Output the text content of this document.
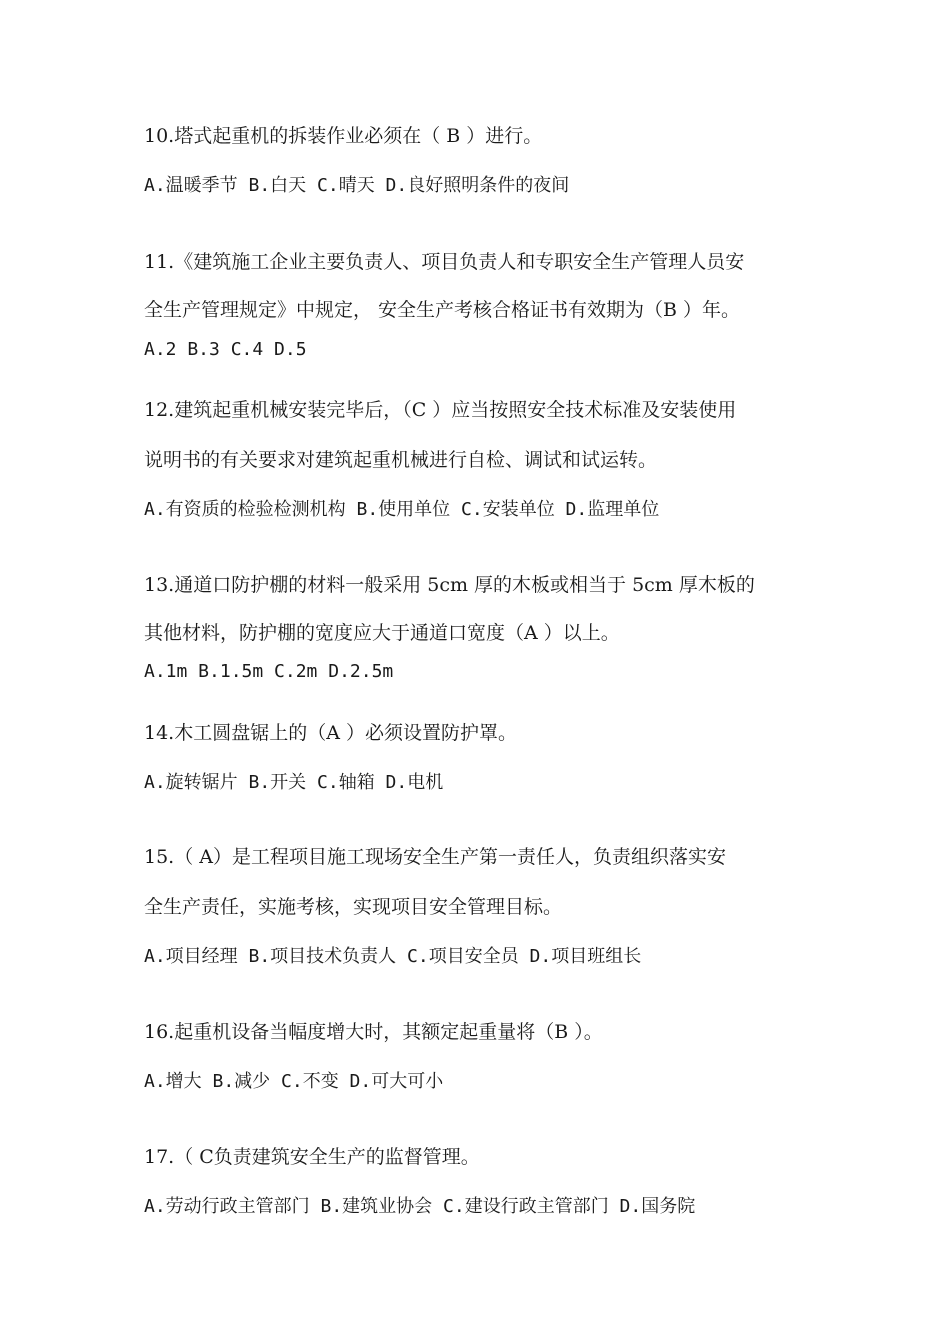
10.塔式起重机的拆装作业必须在（ B ）进行。

A.温暖季节 B.白天 C.晴天 D.良好照明条件的夜间

11.《建筑施工企业主要负责人、项目负责人和专职安全生产管理人员安

全生产管理规定》中规定， 安全生产考核合格证书有效期为（B ）年。

A.2 B.3 C.4 D.5

12.建筑起重机械安装完毕后，（C ）应当按照安全技术标准及安装使用

说明书的有关要求对建筑起重机械进行自检、调试和试运转。

A.有资质的检验检测机构 B.使用单位 C.安装单位 D.监理单位

13.通道口防护棚的材料一般采用 5cm 厚的木板或相当于 5cm 厚木板的

其他材料，防护棚的宽度应大于通道口宽度（A ）以上。

A.1m B.1.5m C.2m D.2.5m

14.木工圆盘锯上的（A ）必须设置防护罩。

A.旋转锯片 B.开关 C.轴箱 D.电机

15.（ A）是工程项目施工现场安全生产第一责任人，负责组织落实安

全生产责任，实施考核，实现项目安全管理目标。

A.项目经理 B.项目技术负责人 C.项目安全员 D.项目班组长

16.起重机设备当幅度增大时，其额定起重量将（B ）。

A.增大 B.减少 C.不变 D.可大可小

17.（ C负责建筑安全生产的监督管理。

A.劳动行政主管部门 B.建筑业协会 C.建设行政主管部门 D.国务院
